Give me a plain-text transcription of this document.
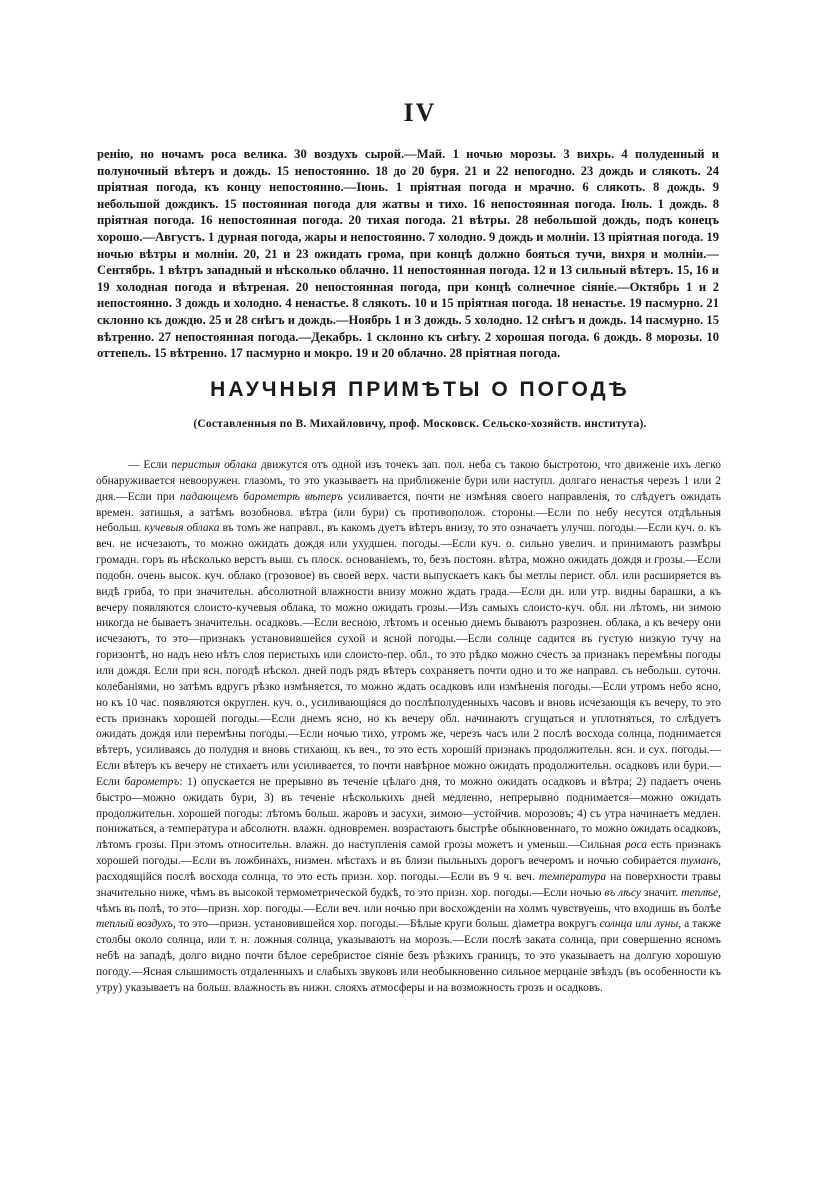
IV

ренію, но ночамъ роса велика. 30 воздухъ сырой.—Май. 1 ночью морозы. 3 вихрь. 4 полуденный и полуночный вѣтеръ и дождь. 15 непостоянно. 18 до 20 буря. 21 и 22 непогодно. 23 дождь и слякоть. 24 пріятная погода, къ концу непостоянно.—Іюнь. 1 пріятная погода и мрачно. 6 слякоть. 8 дождь. 9 небольшой дождикъ. 15 постоянная погода для жатвы и тихо. 16 непостоянная погода. Іюль. 1 дождь. 8 пріятная погода. 16 непостоянная погода. 20 тихая погода. 21 вѣтры. 28 небольшой дождь, подъ конецъ хорошо.—Августъ. 1 дурная погода, жары и непостоянно. 7 холодно. 9 дождь и молніи. 13 пріятная погода. 19 ночью вѣтры и молніи. 20, 21 и 23 ожидать грома, при концѣ должно бояться тучи, вихря и молніи.—Сентябрь. 1 вѣтръ западный и нѣсколько облачно. 11 непостоянная погода. 12 и 13 сильный вѣтеръ. 15, 16 и 19 холодная погода и вѣтреная. 20 непостоянная погода, при концѣ солнечное сіяніе.—Октябрь 1 и 2 непостоянно. 3 дождь и холодно. 4 ненастье. 8 слякоть. 10 и 15 пріятная погода. 18 ненастье. 19 пасмурно. 21 склонно къ дождю. 25 и 28 снѣгъ и дождь.—Ноябрь 1 и 3 дождь. 5 холодно. 12 снѣгъ и дождь. 14 пасмурно. 15 вѣтренно. 27 непостоянная погода.—Декабрь. 1 склонно къ снѣгу. 2 хорошая погода. 6 дождь. 8 морозы. 10 оттепель. 15 вѣтренно. 17 пасмурно и мокро. 19 и 20 облачно. 28 пріятная погода.

НАУЧНЫЯ ПРИМѢТЫ О ПОГОДѢ
(Составленныя по В. Михайловичу, проф. Московск. Сельско-хозяйств. института).

— Если перистыя облака движутся отъ одной изъ точекъ зап. пол. неба съ такою быстротою, что движеніе ихъ легко обнаруживается невооружен. глазомъ, то это указываетъ на приближеніе бури или наступл. долгаго ненастья черезъ 1 или 2 дня.—Если при падающемъ барометрѣ вѣтеръ усиливается, почти не измѣняя своего направленія, то слѣдуетъ ожидать времен. затишья, а затѣмъ возобновл. вѣтра (или бури) съ противополож. стороны.—Если по небу несутся отдѣльныя небольш. кучевыя облака въ томъ же направл., въ какомъ дуетъ вѣтеръ внизу, то это означаетъ улучш. погоды.—Если куч. о. къ веч. не исчезаютъ, то можно ожидать дождя или ухудшен. погоды.—Если куч. о. сильно увелич. и принимаютъ размѣры громадн. горъ въ нѣсколько верстъ выш. съ плоск. основаніемъ, то, безъ постоян. вѣтра, можно ожидать дождя и грозы.—Если подобн. очень высок. куч. облако (грозовое) въ своей верх. части выпускаетъ какъ бы метлы перист. обл. или расширяется въ видѣ гриба, то при значительн. абсолютной влажности внизу можно ждать града.—Если дн. или утр. видны барашки, а къ вечеру появляются слоисто-кучевыя облака, то можно ожидать грозы.—Изъ самыхъ слоисто-куч. обл. ни лѣтомъ, ни зимою никогда не бываетъ значительн. осадковъ.—Если весною, лѣтомъ и осенью днемъ бываютъ разрознен. облака, а къ вечеру они исчезаютъ, то это—признакъ установившейся сухой и ясной погоды.—Если солнце садится въ густую низкую тучу на горизонтѣ, но надъ нею нѣтъ слоя перистыхъ или слоисто-пер. обл., то это рѣдко можно счесть за признакъ перемѣны погоды или дождя. Если при ясн. погодѣ нѣскол. дней подъ рядъ вѣтеръ сохраняетъ почти одно и то же направл. съ небольш. суточн. колебаніями, но затѣмъ вдругъ рѣзко измѣняется, то можно ждать осадковъ или измѣненія погоды.—Если утромъ небо ясно, но къ 10 час. появляются округлен. куч. о., усиливающіяся до послѣполуденныхъ часовъ и вновь исчезающія къ вечеру, то это есть признакъ хорошей погоды.—Если днемъ ясно, но къ вечеру обл. начинаютъ сгущаться и уплотняться, то слѣдуетъ ожидать дождя или перемѣны погоды.—Если ночью тихо, утромъ же, черезъ часъ или 2 послѣ восхода солнца, поднимается вѣтеръ, усиливаясь до полудня и вновь стихающ. къ веч., то это есть хорошій признакъ продолжительн. ясн. и сух. погоды.—Если вѣтеръ къ вечеру не стихаетъ или усиливается, то почти навѣрное можно ожидать продолжительн. осадковъ или бури.—Если барометръ: 1) опускается не прерывно въ теченіе цѣлаго дня, то можно ожидать осадковъ и вѣтра; 2) падаетъ очень быстро—можно ожидать бури, 3) въ теченіе нѣсколькихъ дней медленно, непрерывно поднимается—можно ожидать продолжительн. хорошей погоды: лѣтомъ больш. жаровъ и засухи, зимою—устойчив. морозовъ; 4) съ утра начинаетъ медлен. понижаться, а температура и абсолютн. влажн. одновремен. возрастаютъ быстрѣе обыкновеннаго, то можно ожидать осадковъ, лѣтомъ грозы. При этомъ относительн. влажн. до наступленія самой грозы можетъ и уменьш.—Сильная роса есть признакъ хорошей погоды.—Если въ ложбинахъ, низмен. мѣстахъ и въ близи пыльныхъ дорогъ вечеромъ и ночью собирается туманъ, расходящійся послѣ восхода солнца, то это есть призн. хор. погоды.—Если въ 9 ч. веч. температура на поверхности травы значительно ниже, чѣмъ въ высокой термометрической будкѣ, то это призн. хор. погоды.—Если ночью въ лѣсу значит. теплѣе, чѣмъ въ полѣ, то это—призн. хор. погоды.—Если веч. или ночью при восхожденіи на холмъ чувствуешь, что входишь въ болѣе теплый воздухъ, то это—призн. установившейся хор. погоды.—Бѣлые круги больш. діаметра вокругъ солнца или луны, а также столбы около солнца, или т. н. ложныя солнца, указываютъ на морозъ.—Если послѣ заката солнца, при совершенно ясномъ небѣ на западѣ, долго видно почти бѣлое серебристое сіяніе безъ рѣзкихъ границъ, то это указываетъ на долгую хорошую погоду.—Ясная слышимость отдаленныхъ и слабыхъ звуковъ или необыкновенно сильное мерцаніе звѣздъ (въ особенности къ утру) указываетъ на больш. влажность въ нижн. слояхъ атмосферы и на возможность грозъ и осадковъ.
